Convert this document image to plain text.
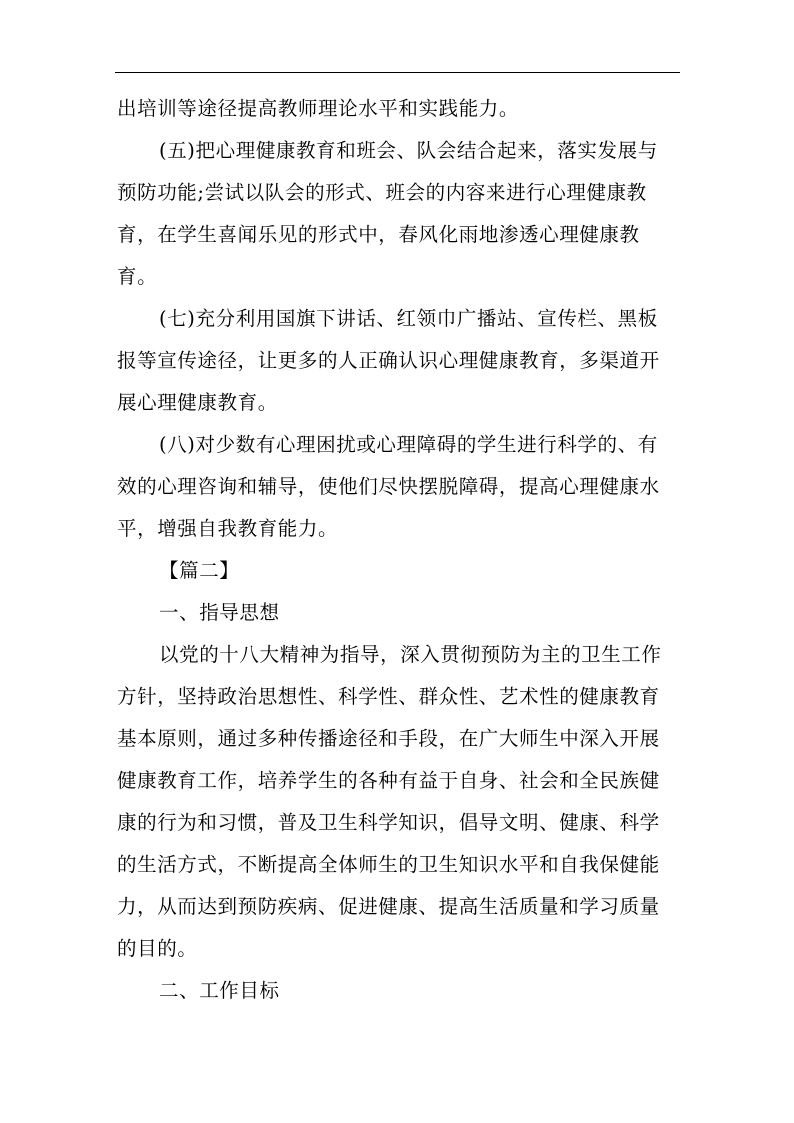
出培训等途径提高教师理论水平和实践能力。

(五)把心理健康教育和班会、队会结合起来，落实发展与预防功能;尝试以队会的形式、班会的内容来进行心理健康教育，在学生喜闻乐见的形式中，春风化雨地渗透心理健康教育。

(七)充分利用国旗下讲话、红领巾广播站、宣传栏、黑板报等宣传途径，让更多的人正确认识心理健康教育，多渠道开展心理健康教育。

(八)对少数有心理困扰或心理障碍的学生进行科学的、有效的心理咨询和辅导，使他们尽快摆脱障碍，提高心理健康水平，增强自我教育能力。

【篇二】

一、指导思想

以党的十八大精神为指导，深入贯彻预防为主的卫生工作方针，坚持政治思想性、科学性、群众性、艺术性的健康教育基本原则，通过多种传播途径和手段，在广大师生中深入开展健康教育工作，培养学生的各种有益于自身、社会和全民族健康的行为和习惯，普及卫生科学知识，倡导文明、健康、科学的生活方式，不断提高全体师生的卫生知识水平和自我保健能力，从而达到预防疾病、促进健康、提高生活质量和学习质量的目的。

二、工作目标
